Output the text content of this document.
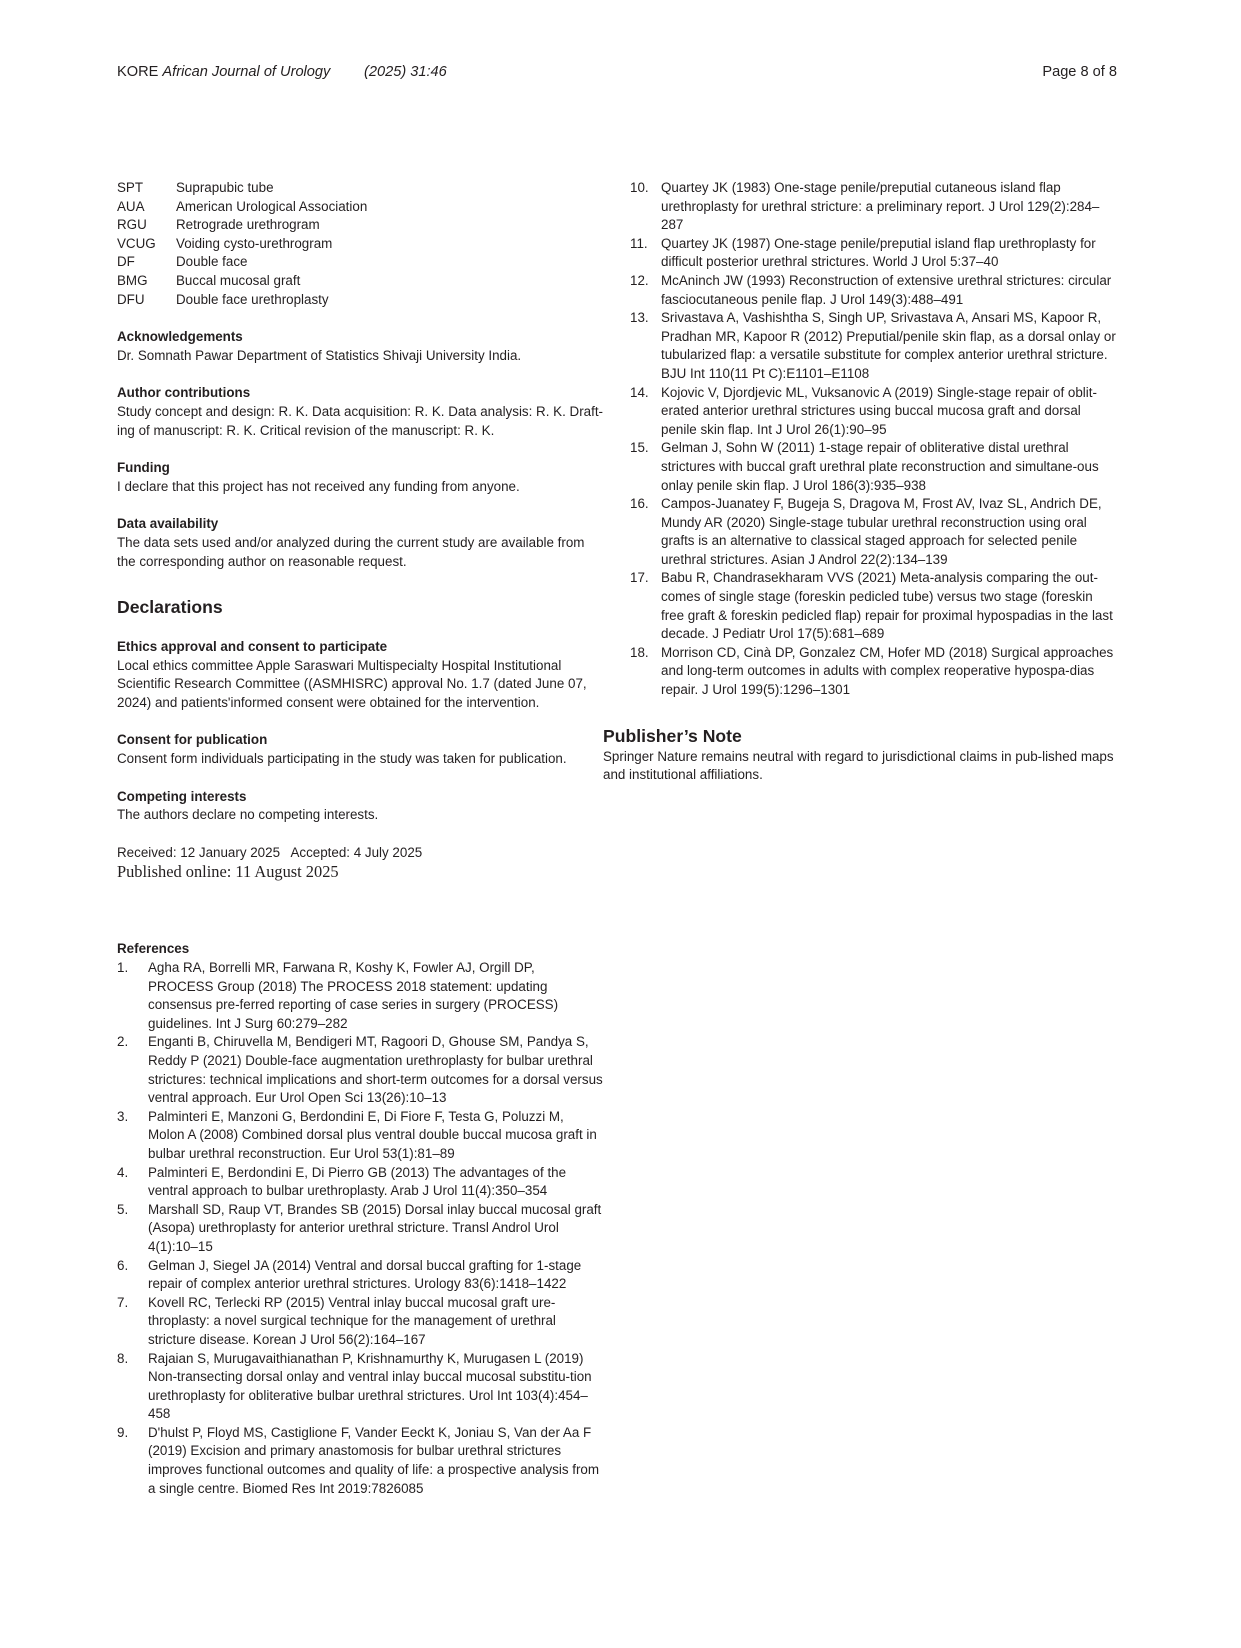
KORE African Journal of Urology (2025) 31:46	Page 8 of 8
SPT	Suprapubic tube
AUA	American Urological Association
RGU	Retrograde urethrogram
VCUG	Voiding cysto-urethrogram
DF	Double face
BMG	Buccal mucosal graft
DFU	Double face urethroplasty

Acknowledgements

Dr. Somnath Pawar Department of Statistics Shivaji University India.

Author contributions

Study concept and design: R. K. Data acquisition: R. K. Data analysis: R. K. Draft-ing of manuscript: R. K. Critical revision of the manuscript: R. K.

Funding

I declare that this project has not received any funding from anyone.

Data availability

The data sets used and/or analyzed during the current study are available from the corresponding author on reasonable request.

Declarations

Ethics approval and consent to participate

Local ethics committee Apple Saraswari Multispecialty Hospital Institutional Scientific Research Committee ((ASMHISRC) approval No. 1.7 (dated June 07, 2024) and patients'informed consent were obtained for the intervention.

Consent for publication

Consent form individuals participating in the study was taken for publication.

Competing interests

The authors declare no competing interests.

Received: 12 January 2025   Accepted: 4 July 2025

Published online: 11 August 2025

References

1.	Agha RA, Borrelli MR, Farwana R, Koshy K, Fowler AJ, Orgill DP, PROCESS Group (2018) The PROCESS 2018 statement: updating consensus pre-ferred reporting of case series in surgery (PROCESS) guidelines. Int J Surg 60:279–282
2.	Enganti B, Chiruvella M, Bendigeri MT, Ragoori D, Ghouse SM, Pandya S, Reddy P (2021) Double-face augmentation urethroplasty for bulbar urethral strictures: technical implications and short-term outcomes for a dorsal versus ventral approach. Eur Urol Open Sci 13(26):10–13
3.	Palminteri E, Manzoni G, Berdondini E, Di Fiore F, Testa G, Poluzzi M, Molon A (2008) Combined dorsal plus ventral double buccal mucosa graft in bulbar urethral reconstruction. Eur Urol 53(1):81–89
4.	Palminteri E, Berdondini E, Di Pierro GB (2013) The advantages of the ventral approach to bulbar urethroplasty. Arab J Urol 11(4):350–354
5.	Marshall SD, Raup VT, Brandes SB (2015) Dorsal inlay buccal mucosal graft (Asopa) urethroplasty for anterior urethral stricture. Transl Androl Urol 4(1):10–15
6.	Gelman J, Siegel JA (2014) Ventral and dorsal buccal grafting for 1-stage repair of complex anterior urethral strictures. Urology 83(6):1418–1422
7.	Kovell RC, Terlecki RP (2015) Ventral inlay buccal mucosal graft ure-throplasty: a novel surgical technique for the management of urethral stricture disease. Korean J Urol 56(2):164–167
8.	Rajaian S, Murugavaithianathan P, Krishnamurthy K, Murugasen L (2019) Non-transecting dorsal onlay and ventral inlay buccal mucosal substitu-tion urethroplasty for obliterative bulbar urethral strictures. Urol Int 103(4):454–458
9.	D'hulst P, Floyd MS, Castiglione F, Vander Eeckt K, Joniau S, Van der Aa F (2019) Excision and primary anastomosis for bulbar urethral strictures improves functional outcomes and quality of life: a prospective analysis from a single centre. Biomed Res Int 2019:7826085
10. Quartey JK (1983) One-stage penile/preputial cutaneous island flap urethroplasty for urethral stricture: a preliminary report. J Urol 129(2):284–287
11. Quartey JK (1987) One-stage penile/preputial island flap urethroplasty for difficult posterior urethral strictures. World J Urol 5:37–40
12. McAninch JW (1993) Reconstruction of extensive urethral strictures: circular fasciocutaneous penile flap. J Urol 149(3):488–491
13. Srivastava A, Vashishtha S, Singh UP, Srivastava A, Ansari MS, Kapoor R, Pradhan MR, Kapoor R (2012) Preputial/penile skin flap, as a dorsal onlay or tubularized flap: a versatile substitute for complex anterior urethral stricture. BJU Int 110(11 Pt C):E1101–E1108
14. Kojovic V, Djordjevic ML, Vuksanovic A (2019) Single-stage repair of oblit-erated anterior urethral strictures using buccal mucosa graft and dorsal penile skin flap. Int J Urol 26(1):90–95
15. Gelman J, Sohn W (2011) 1-stage repair of obliterative distal urethral strictures with buccal graft urethral plate reconstruction and simultane-ous onlay penile skin flap. J Urol 186(3):935–938
16. Campos-Juanatey F, Bugeja S, Dragova M, Frost AV, Ivaz SL, Andrich DE, Mundy AR (2020) Single-stage tubular urethral reconstruction using oral grafts is an alternative to classical staged approach for selected penile urethral strictures. Asian J Androl 22(2):134–139
17. Babu R, Chandrasekharam VVS (2021) Meta-analysis comparing the out-comes of single stage (foreskin pedicled tube) versus two stage (foreskin free graft & foreskin pedicled flap) repair for proximal hypospadias in the last decade. J Pediatr Urol 17(5):681–689
18. Morrison CD, Cinà DP, Gonzalez CM, Hofer MD (2018) Surgical approaches and long-term outcomes in adults with complex reoperative hypospa-dias repair. J Urol 199(5):1296–1301

Publisher’s Note

Springer Nature remains neutral with regard to jurisdictional claims in pub-lished maps and institutional affiliations.
